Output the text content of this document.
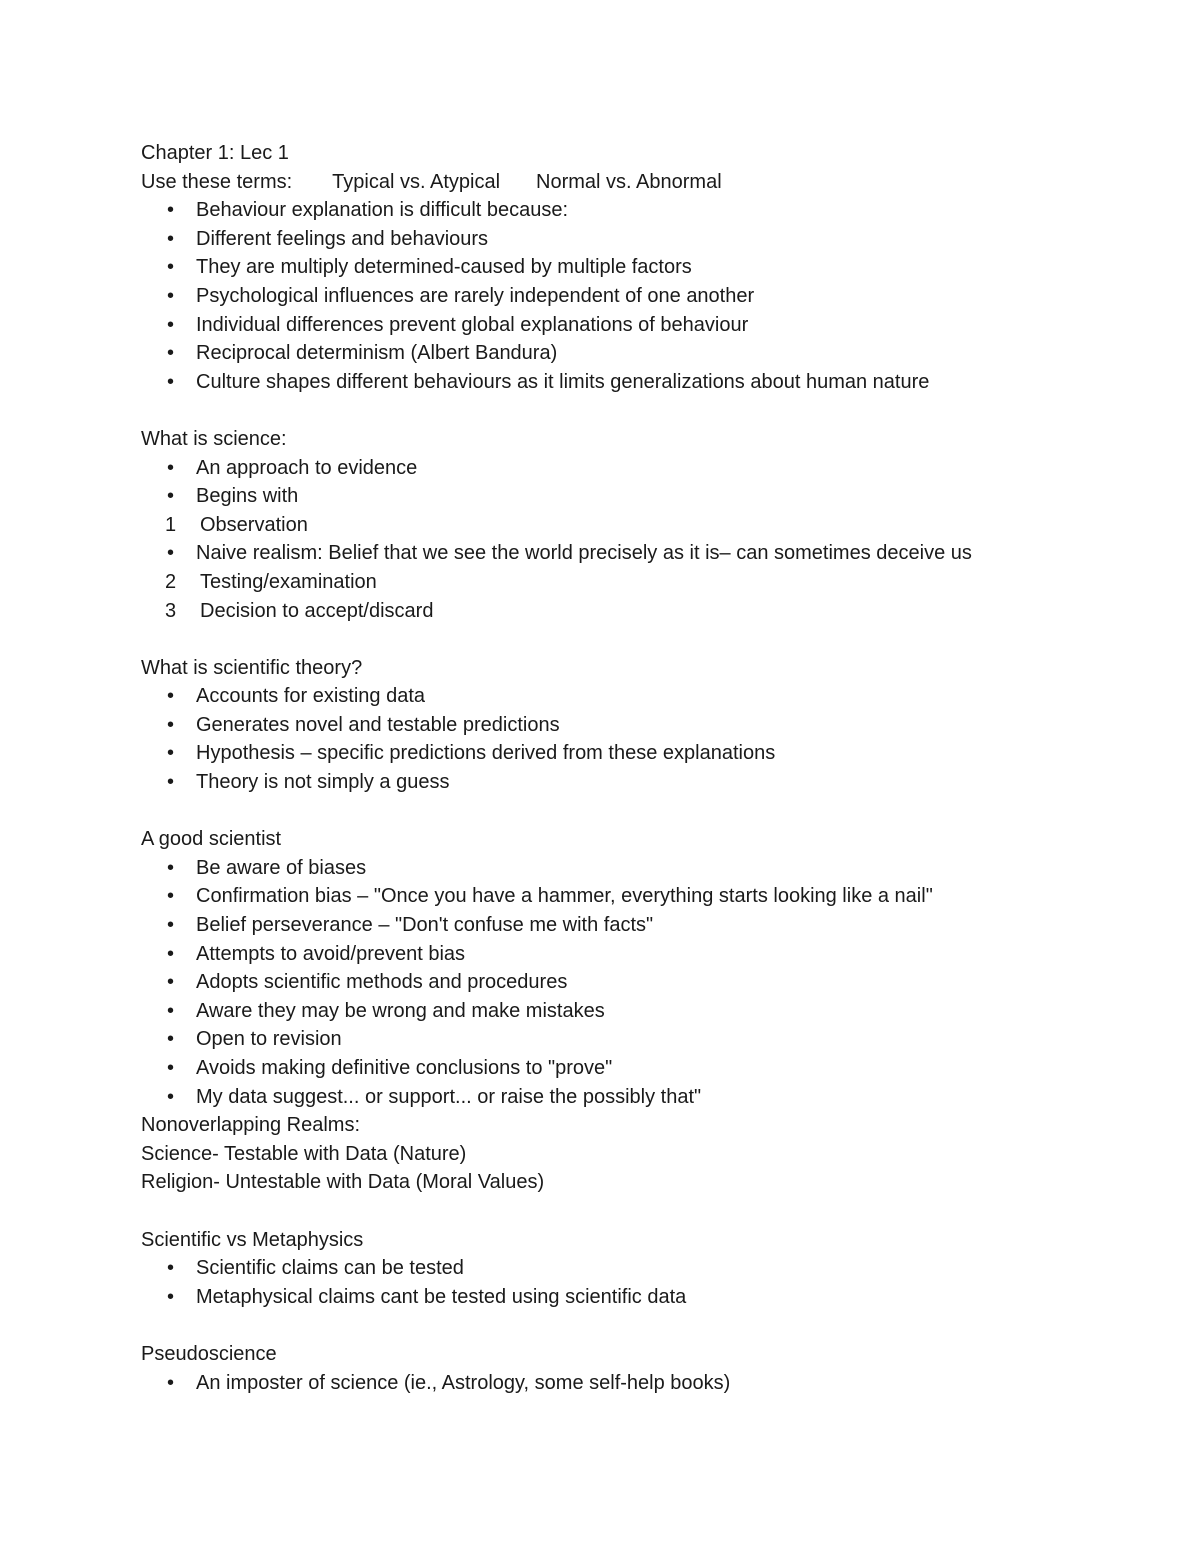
Chapter 1: Lec 1
Use these terms: Typical vs. Atypical Normal vs. Abnormal
• Behaviour explanation is difficult because:
• Different feelings and behaviours
• They are multiply determined-caused by multiple factors
• Psychological influences are rarely independent of one another
• Individual differences prevent global explanations of behaviour
• Reciprocal determinism (Albert Bandura)
• Culture shapes different behaviours as it limits generalizations about human nature
What is science:
• An approach to evidence
• Begins with
1 Observation
• Naive realism: Belief that we see the world precisely as it is– can sometimes deceive us
2 Testing/examination
3 Decision to accept/discard
What is scientific theory?
• Accounts for existing data
• Generates novel and testable predictions
• Hypothesis – specific predictions derived from these explanations
• Theory is not simply a guess
A good scientist
• Be aware of biases
• Confirmation bias – "Once you have a hammer, everything starts looking like a nail"
• Belief perseverance – "Don't confuse me with facts"
• Attempts to avoid/prevent bias
• Adopts scientific methods and procedures
• Aware they may be wrong and make mistakes
• Open to revision
• Avoids making definitive conclusions to "prove"
• My data suggest... or support... or raise the possibly that"
Nonoverlapping Realms:
Science- Testable with Data (Nature)
Religion- Untestable with Data (Moral Values)
Scientific vs Metaphysics
• Scientific claims can be tested
• Metaphysical claims cant be tested using scientific data
Pseudoscience
• An imposter of science (ie., Astrology, some self-help books)
